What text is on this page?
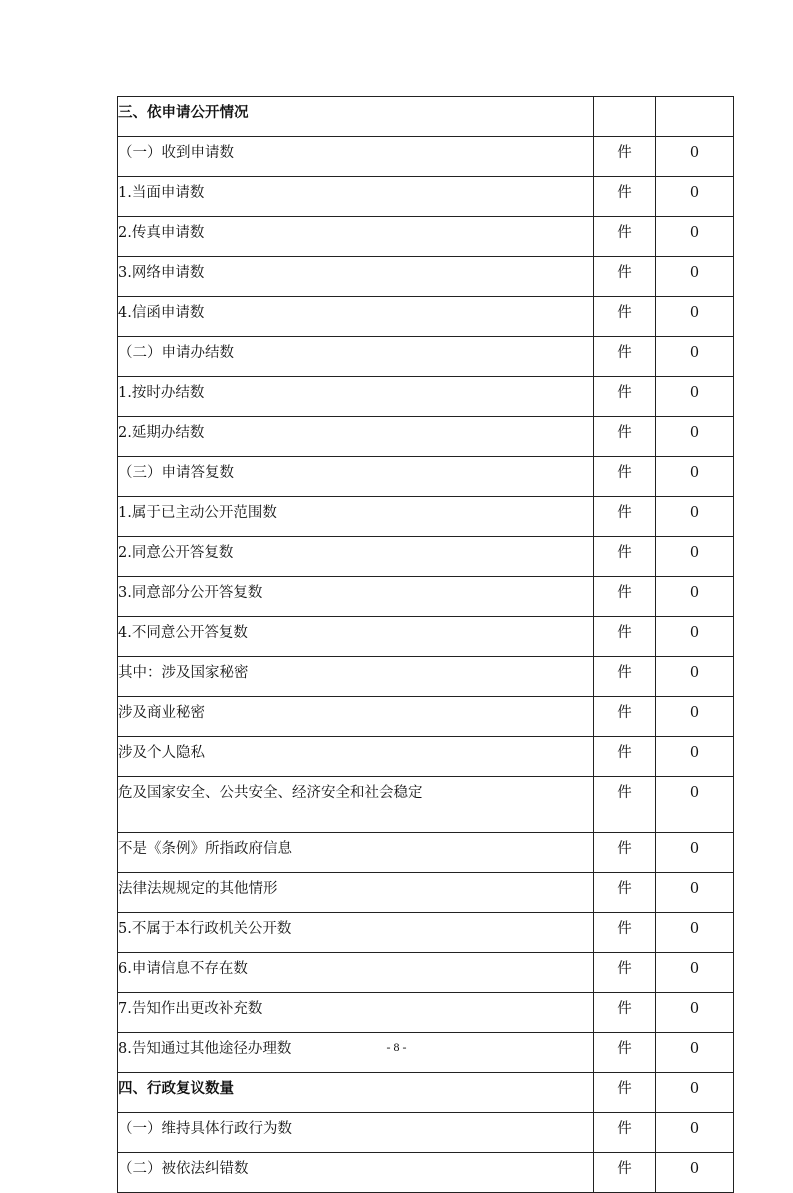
三、依申请公开情况		
（一）收到申请数	件	0
1.当面申请数	件	0
2.传真申请数	件	0
3.网络申请数	件	0
4.信函申请数	件	0
（二）申请办结数	件	0
1.按时办结数	件	0
2.延期办结数	件	0
（三）申请答复数	件	0
1.属于已主动公开范围数	件	0
2.同意公开答复数	件	0
3.同意部分公开答复数	件	0
4.不同意公开答复数	件	0
其中：涉及国家秘密	件	0
涉及商业秘密	件	0
涉及个人隐私	件	0
危及国家安全、公共安全、经济安全和社会稳定	件	0
不是《条例》所指政府信息	件	0
法律法规规定的其他情形	件	0
5.不属于本行政机关公开数	件	0
6.申请信息不存在数	件	0
7.告知作出更改补充数	件	0
8.告知通过其他途径办理数	件	0
四、行政复议数量	件	0
（一）维持具体行政行为数	件	0
（二）被依法纠错数	件	0
- 8 -
